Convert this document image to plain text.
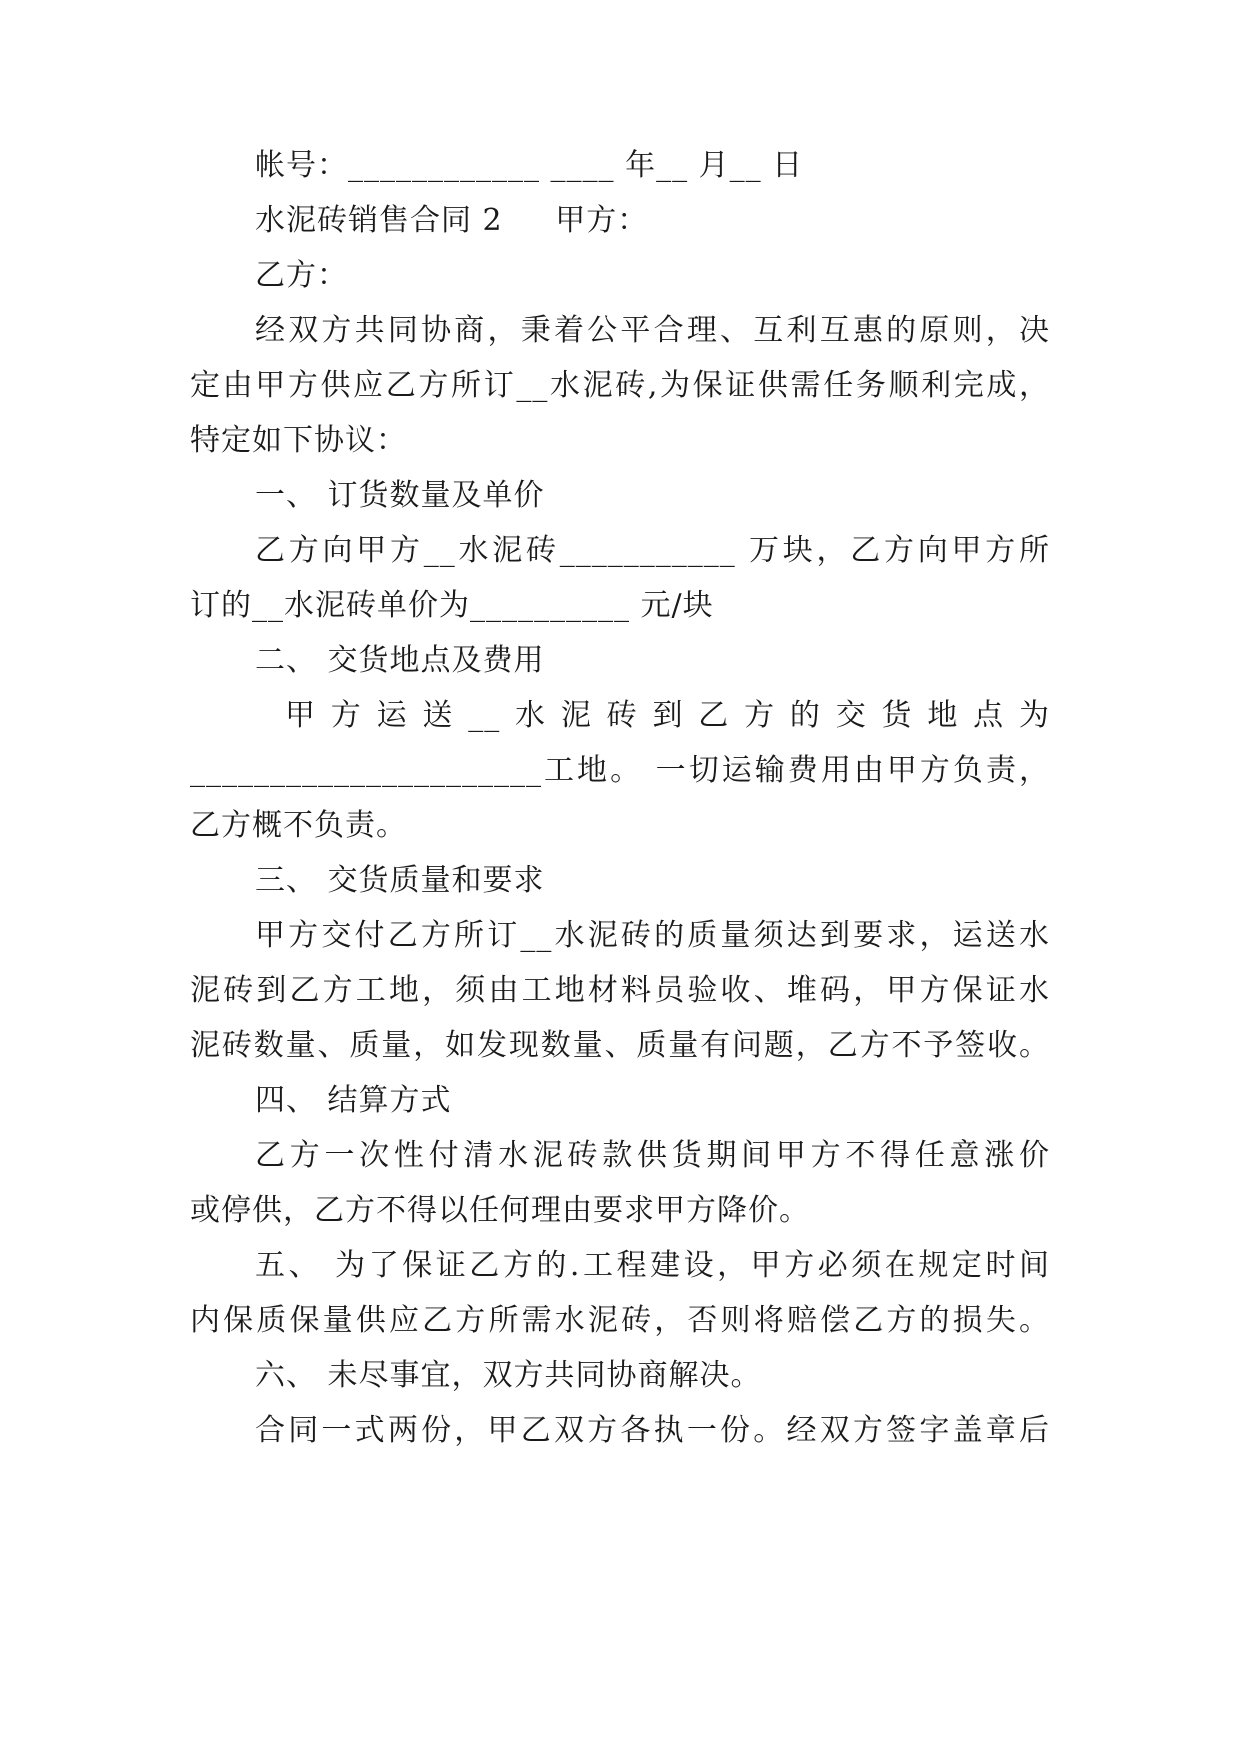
帐号：____________ ____ 年__ 月__ 日
水泥砖销售合同 2     甲方：
乙方：
经双方共同协商，秉着公平合理、互利互惠的原则，决
定由甲方供应乙方所订__水泥砖,为保证供需任务顺利完成，
特定如下协议：
一、 订货数量及单价
乙方向甲方__水泥砖___________ 万块，乙方向甲方所
订的__水泥砖单价为__________ 元/块
二、 交货地点及费用
甲方运送__水泥砖到乙方的交货地点为
______________________工地。 一切运输费用由甲方负责，
乙方概不负责。
三、 交货质量和要求
甲方交付乙方所订__水泥砖的质量须达到要求，运送水
泥砖到乙方工地，须由工地材料员验收、堆码，甲方保证水
泥砖数量、质量，如发现数量、质量有问题，乙方不予签收。
四、 结算方式
乙方一次性付清水泥砖款供货期间甲方不得任意涨价
或停供，乙方不得以任何理由要求甲方降价。
五、 为了保证乙方的.工程建设，甲方必须在规定时间
内保质保量供应乙方所需水泥砖，否则将赔偿乙方的损失。
六、 未尽事宜，双方共同协商解决。
合同一式两份，甲乙双方各执一份。经双方签字盖章后
